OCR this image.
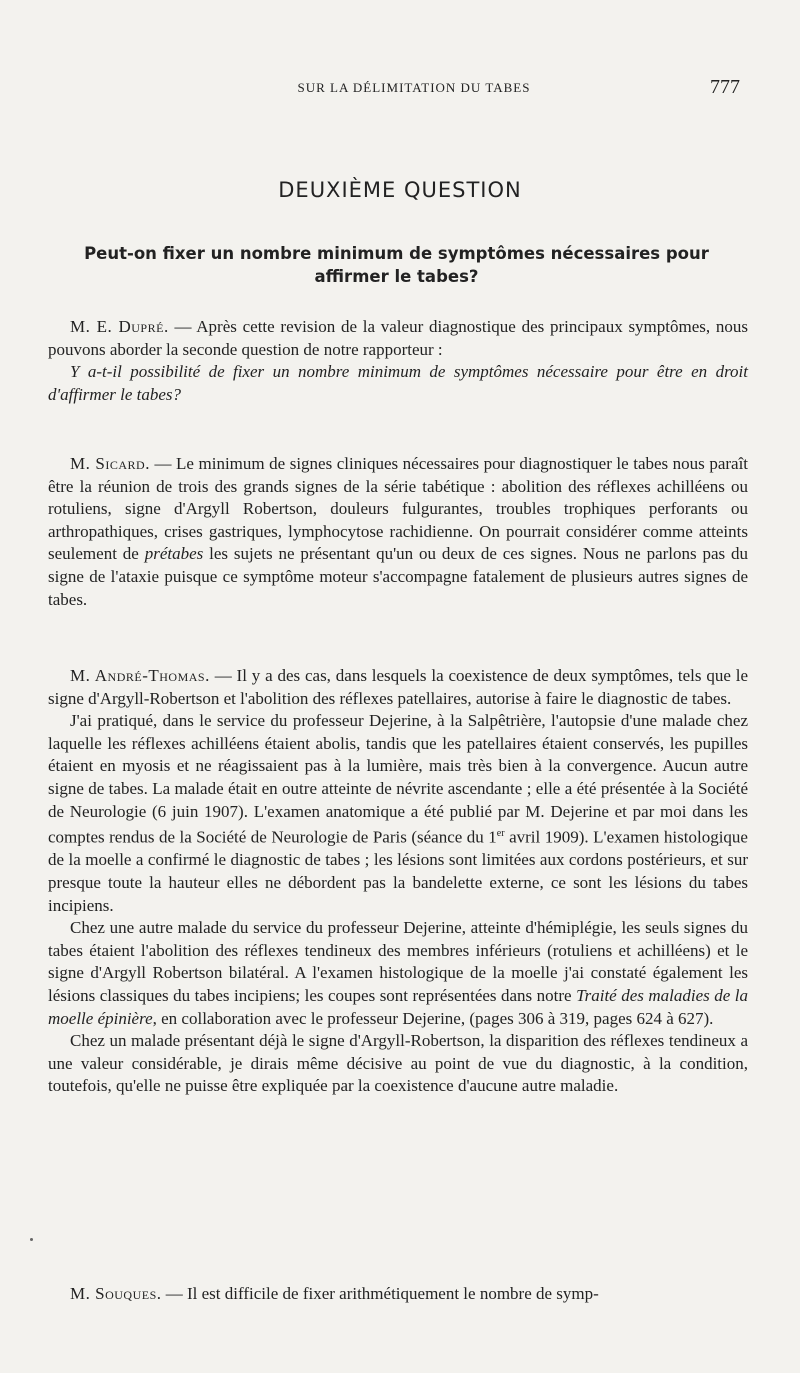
SUR LA DÉLIMITATION DU TABES	777
DEUXIÈME QUESTION
Peut-on fixer un nombre minimum de symptômes nécessaires pour affirmer le tabes?

M. E. Dupré. — Après cette revision de la valeur diagnostique des principaux symptômes, nous pouvons aborder la seconde question de notre rapporteur :

Y a-t-il possibilité de fixer un nombre minimum de symptômes nécessaire pour être en droit d'affirmer le tabes?

M. Sicard. — Le minimum de signes cliniques nécessaires pour diagnostiquer le tabes nous paraît être la réunion de trois des grands signes de la série tabétique : abolition des réflexes achilléens ou rotuliens, signe d'Argyll Robertson, douleurs fulgurantes, troubles trophiques perforants ou arthropathiques, crises gastriques, lymphocytose rachidienne. On pourrait considérer comme atteints seulement de prétabes les sujets ne présentant qu'un ou deux de ces signes. Nous ne parlons pas du signe de l'ataxie puisque ce symptôme moteur s'accompagne fatalement de plusieurs autres signes de tabes.

M. André-Thomas. — Il y a des cas, dans lesquels la coexistence de deux symptômes, tels que le signe d'Argyll-Robertson et l'abolition des réflexes patellaires, autorise à faire le diagnostic de tabes.

J'ai pratiqué, dans le service du professeur Dejerine, à la Salpêtrière, l'autopsie d'une malade chez laquelle les réflexes achilléens étaient abolis, tandis que les patellaires étaient conservés, les pupilles étaient en myosis et ne réagissaient pas à la lumière, mais très bien à la convergence. Aucun autre signe de tabes. La malade était en outre atteinte de névrite ascendante ; elle a été présentée à la Société de Neurologie (6 juin 1907). L'examen anatomique a été publié par M. Dejerine et par moi dans les comptes rendus de la Société de Neurologie de Paris (séance du 1er avril 1909). L'examen histologique de la moelle a confirmé le diagnostic de tabes ; les lésions sont limitées aux cordons postérieurs, et sur presque toute la hauteur elles ne débordent pas la bandelette externe, ce sont les lésions du tabes incipiens.

Chez une autre malade du service du professeur Dejerine, atteinte d'hémiplégie, les seuls signes du tabes étaient l'abolition des réflexes tendineux des membres inférieurs (rotuliens et achilléens) et le signe d'Argyll Robertson bilatéral. A l'examen histologique de la moelle j'ai constaté également les lésions classiques du tabes incipiens; les coupes sont représentées dans notre Traité des maladies de la moelle épinière, en collaboration avec le professeur Dejerine, (pages 306 à 319, pages 624 à 627).

Chez un malade présentant déjà le signe d'Argyll-Robertson, la disparition des réflexes tendineux a une valeur considérable, je dirais même décisive au point de vue du diagnostic, à la condition, toutefois, qu'elle ne puisse être expliquée par la coexistence d'aucune autre maladie.

M. Souques. — Il est difficile de fixer arithmétiquement le nombre de symp-
